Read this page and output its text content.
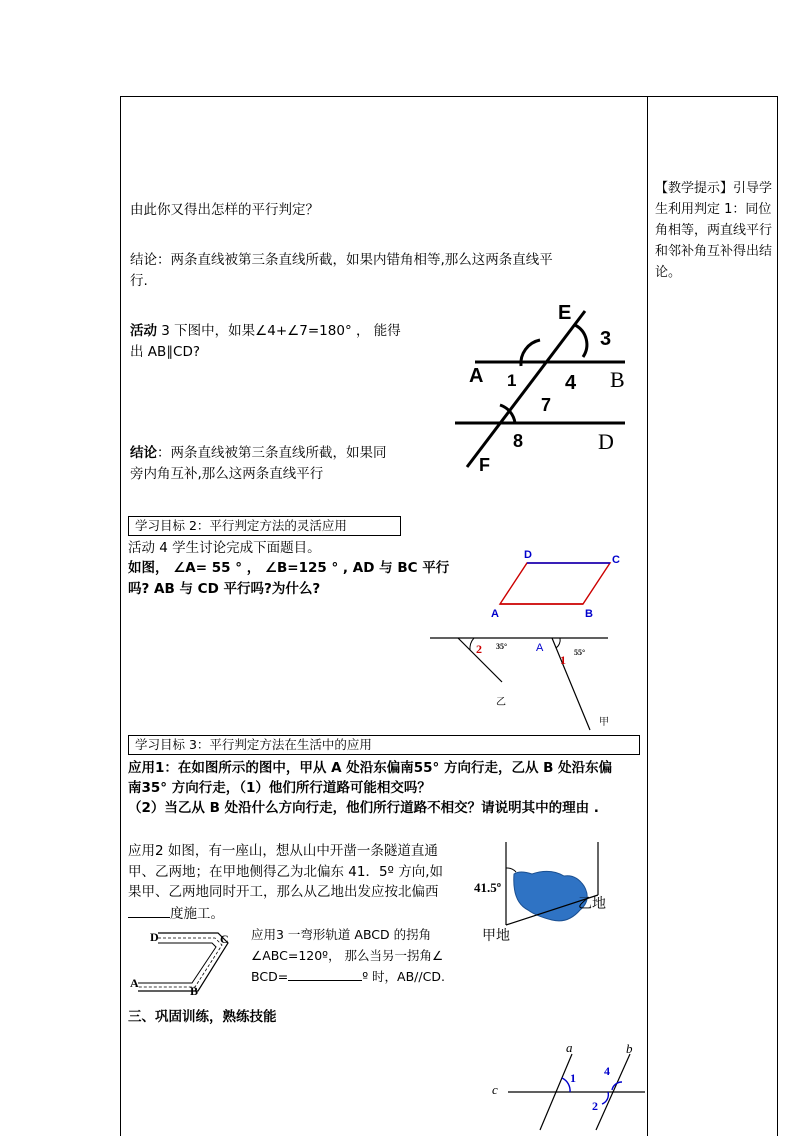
【教学提示】引导学生利用判定 1：同位角相等，两直线平行和邻补角互补得出结论。
由此你又得出怎样的平行判定？
结论：两条直线被第三条直线所截，如果内错角相等,那么这两条直线平
行.
活动 3 下图中，如果∠4+∠7=180° ， 能得
出 AB∥CD?
E
3
A 1 4 B
7
8	D
F
结论：两条直线被第三条直线所截，如果同
旁内角互补,那么这两条直线平行
学习目标 2：平行判定方法的灵活应用
活动 4 学生讨论完成下面题目。
如图， ∠A= 55 ° ， ∠B=125 ° , AD 与 BC 平行
吗? AB 与 CD 平行吗?为什么?
D	C
A	B
2 35°	A	55°
1
乙
甲
学习目标 3：平行判定方法在生活中的应用
应用1：在如图所示的图中，甲从 A 处沿东偏南55° 方向行走，乙从 B 处沿东偏
南35° 方向行走，（1）他们所行道路可能相交吗？
（2）当乙从 B 处沿什么方向行走，他们所行道路不相交？请说明其中的理由 .
应用2 如图，有一座山，想从山中开凿一条隧道直通
甲、乙两地；在甲地侧得乙为北偏东 41．5º 方向,如
果甲、乙两地同时开工，那么从乙地出发应按北偏西
度施工。
41.5º
乙地
甲地
D	C
A
B
应用3 一弯形轨道 ABCD 的拐角
∠ABC=120º， 那么当另一拐角∠
BCD=	º 时，AB//CD.
三、巩固训练，熟练技能
a	b
c
1 4
2
